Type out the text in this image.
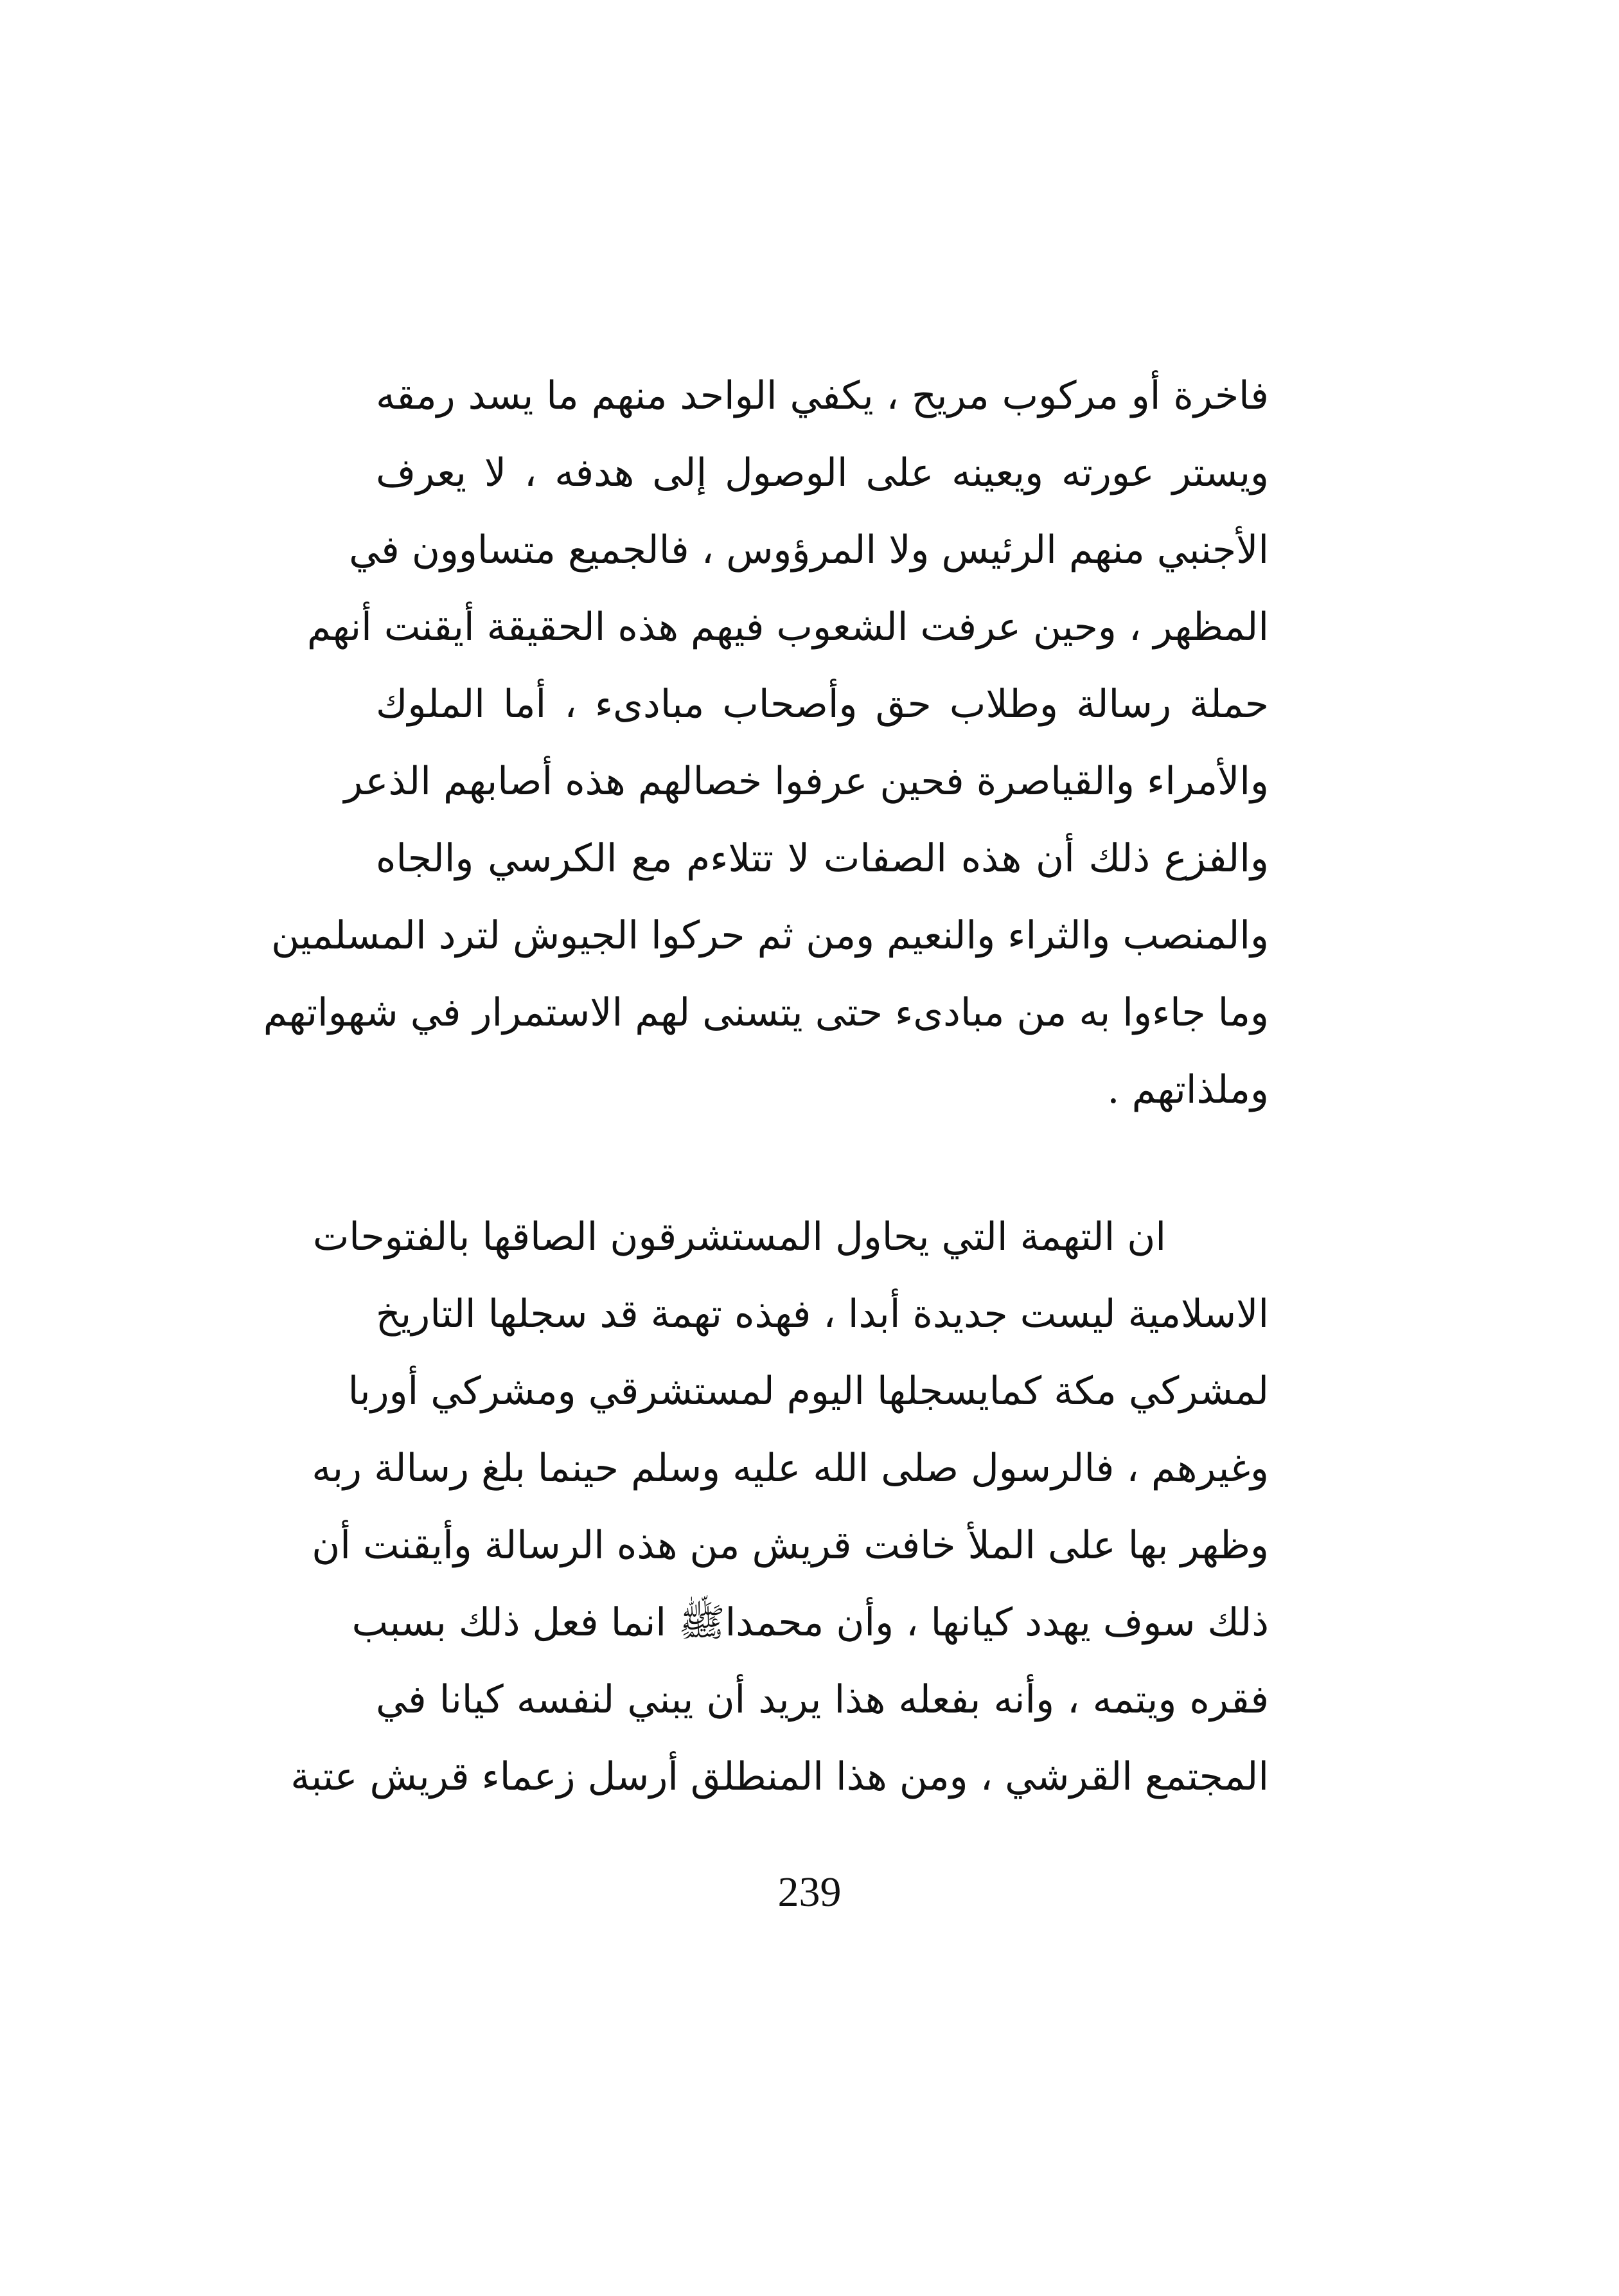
فاخرة أو مركوب مريح ، يكفي الواحد منهم ما يسد رمقه
ويستر عورته ويعينه على الوصول إلى هدفه ، لا يعرف
الأجنبي منهم الرئيس ولا المرؤوس ، فالجميع متساوون في
المظهر ، وحين عرفت الشعوب فيهم هذه الحقيقة أيقنت أنهم
حملة رسالة وطلاب حق وأصحاب مبادىء ، أما الملوك
والأمراء والقياصرة فحين عرفوا خصالهم هذه أصابهم الذعر
والفزع ذلك أن هذه الصفات لا تتلاءم مع الكرسي والجاه
والمنصب والثراء والنعيم ومن ثم حركوا الجيوش لترد المسلمين
وما جاءوا به من مبادىء حتى يتسنى لهم الاستمرار في شهواتهم
وملذاتهم .
ان التهمة التي يحاول المستشرقون الصاقها بالفتوحات
الاسلامية ليست جديدة أبدا ، فهذه تهمة قد سجلها التاريخ
لمشركي مكة كمايسجلها اليوم لمستشرقي ومشركي أوربا
وغيرهم ، فالرسول صلى الله عليه وسلم حينما بلغ رسالة ربه
وظهر بها على الملأ خافت قريش من هذه الرسالة وأيقنت أن
ذلك سوف يهدد كيانها ، وأن محمداﷺ انما فعل ذلك بسبب
فقره ويتمه ، وأنه بفعله هذا يريد أن يبني لنفسه كيانا في
المجتمع القرشي ، ومن هذا المنطلق أرسل زعماء قريش عتبة
239
